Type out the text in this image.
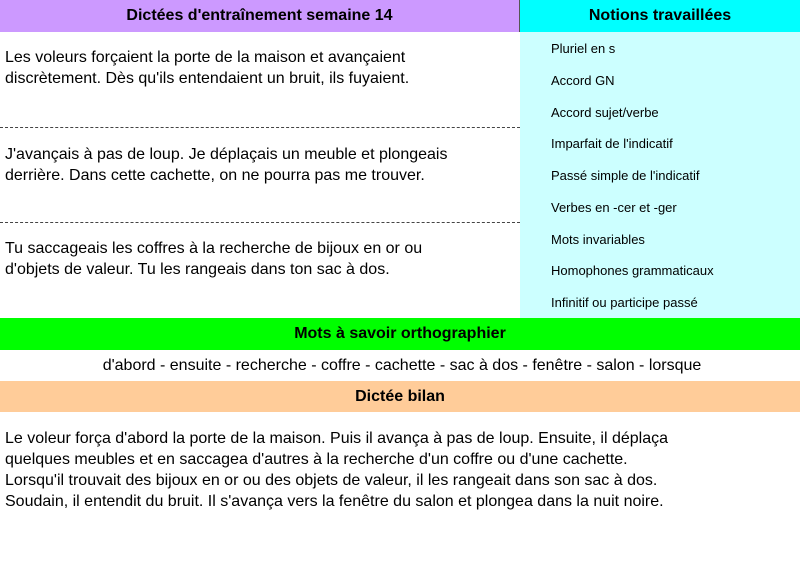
Dictées d'entraînement semaine 14	Notions travaillées
Les voleurs forçaient la porte de la maison et avançaient
discrètement. Dès qu'ils entendaient un bruit, ils fuyaient.
J'avançais à pas de loup. Je déplaçais un meuble et plongeais
derrière. Dans cette cachette, on ne pourra pas me trouver.
Tu saccageais les coffres à la recherche de bijoux en or ou
d'objets de valeur. Tu les rangeais dans ton sac à dos.
Pluriel en s
Accord GN
Accord sujet/verbe
Imparfait de l'indicatif
Passé simple de l'indicatif
Verbes en -cer et -ger
Mots invariables
Homophones grammaticaux
Infinitif ou participe passé
Mots à savoir orthographier
d'abord - ensuite - recherche - coffre - cachette - sac à dos - fenêtre - salon - lorsque
Dictée bilan
Le voleur força d'abord la porte de la maison. Puis il avança à pas de loup. Ensuite, il déplaça
quelques meubles et en saccagea d'autres à la recherche d'un coffre ou d'une cachette.
Lorsqu'il trouvait des bijoux en or ou des objets de valeur, il les rangeait dans son sac à dos.
Soudain, il entendit du bruit. Il s'avança vers la fenêtre du salon et plongea dans la nuit noire.
